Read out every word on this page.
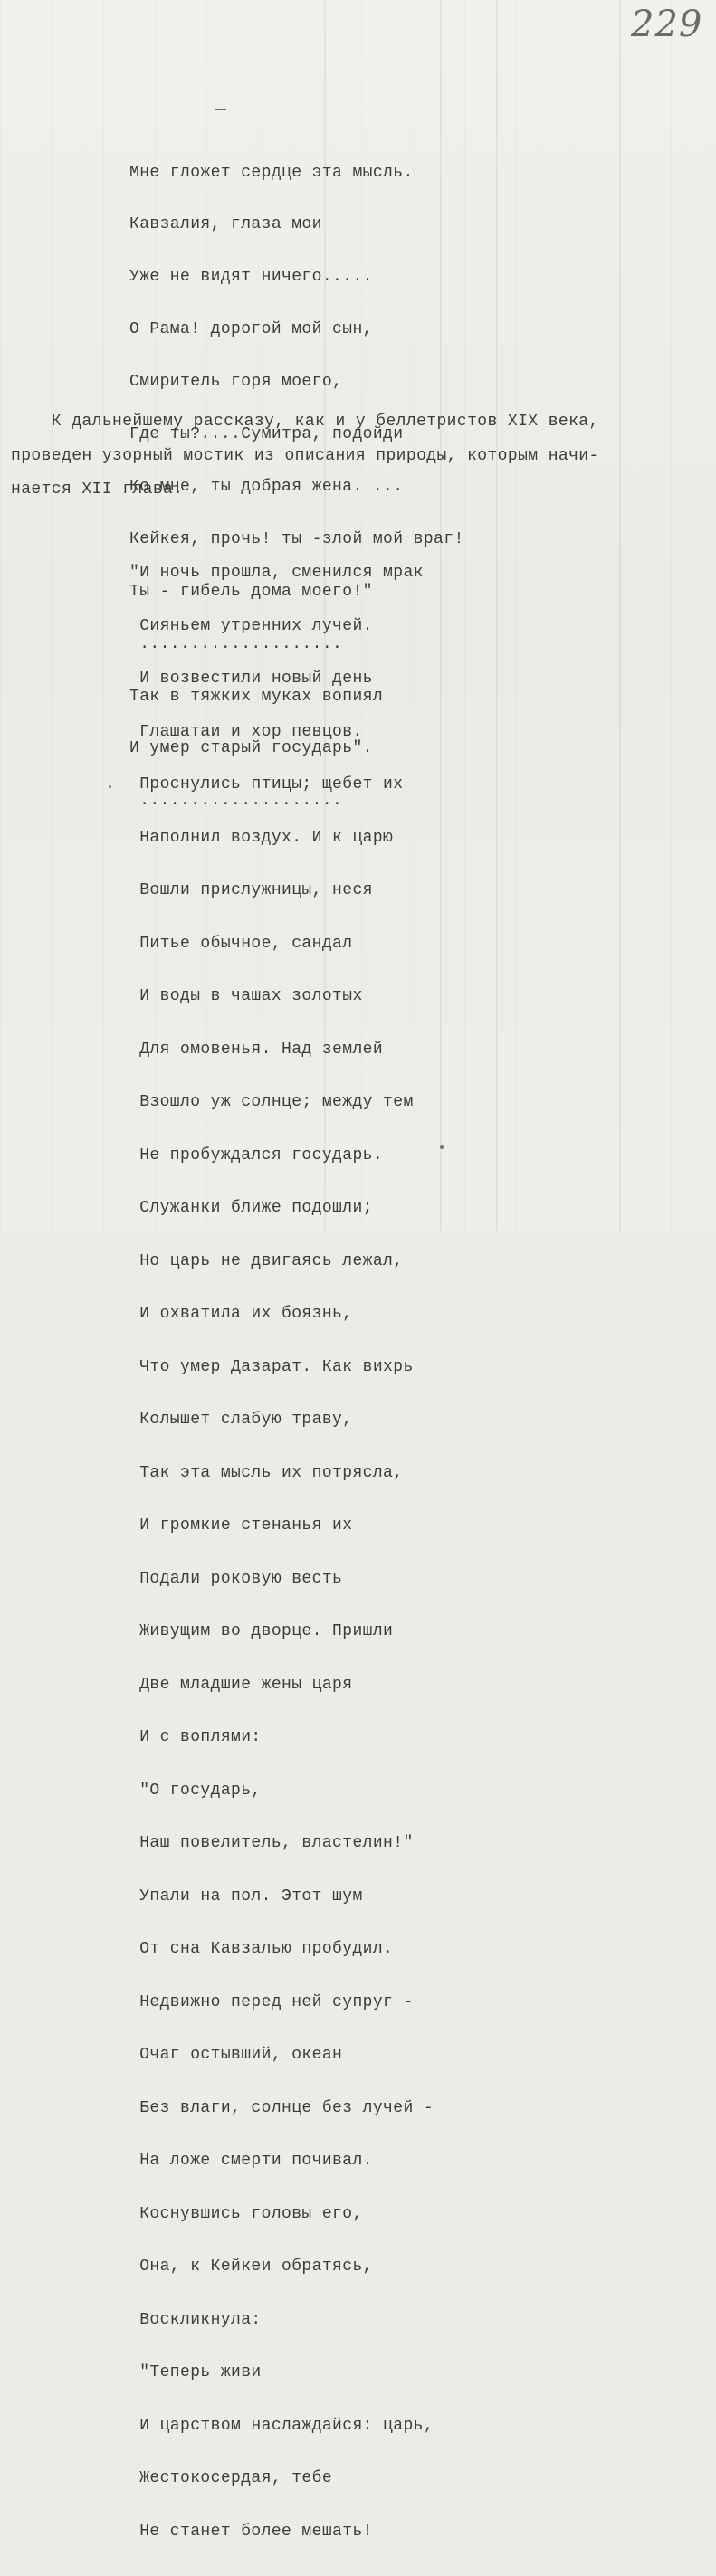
229

Мне гложет сердце эта мысль.

Кавзалия, глаза мои

Уже не видят ничего.....

О Рама! дорогой мой сын,

Смиритель горя моего,

Где ты?....Сумитра, подойди

Ко мне, ты добрая жена. ...

Кейкея, прочь! ты -злой мой враг!

Ты - гибель дома моего!"

....................

Так в тяжких муках вопиял

И умер старый государь".

....................

К дальнейшему рассказу, как и у беллетристов ХIХ века,
проведен узорный мостик из описания природы, которым начи-
нается ХII глава.

"И ночь прошла, сменился мрак

Сияньем утренних лучей.

И возвестили новый день

Глашатаи и хор певцов.

Проснулись птицы; щебет их

Наполнил воздух. И к царю

Вошли прислужницы, неся

Питье обычное, сандал

И воды в чашах золотых

Для омовенья. Над землей

Взошло уж солнце; между тем

Не пробуждался государь.

Служанки ближе подошли;

Но царь не двигаясь лежал,

И охватила их боязнь,

Что умер Дазарат. Как вихрь

Колышет слабую траву,

Так эта мысль их потрясла,

И громкие стенанья их

Подали роковую весть

Живущим во дворце. Пришли

Две младшие жены царя

И с воплями:

"О государь,

Наш повелитель, властелин!"

Упали на пол. Этот шум

От сна Кавзалью пробудил.

Недвижно перед ней супруг -

Очаг остывший, океан

Без влаги, солнце без лучей -

На ложе смерти почивал.

Коснувшись головы его,

Она, к Кейкеи обратясь,

Воскликнула:

"Теперь живи

И царством наслаждайся: царь,

Жестокосердая, тебе

Не станет более мешать!
